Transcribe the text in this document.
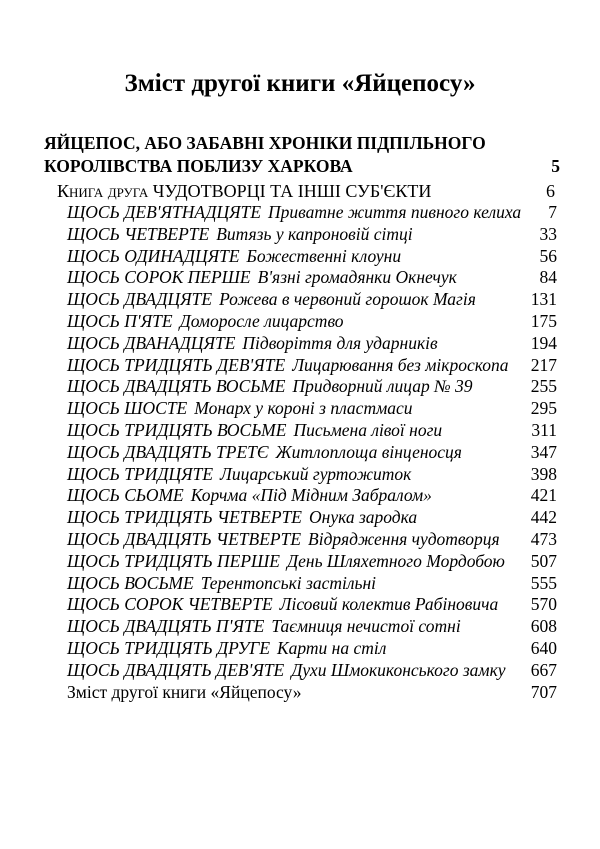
Зміст другої книги «Яйцепосу»
ЯЙЦЕПОС, АБО ЗАБАВНІ ХРОНІКИ ПІДПІЛЬНОГО
КОРОЛІВСТВА ПОБЛИЗУ ХАРКОВА	5
Книга друга ЧУДОТВОРЦІ ТА ІНШІ СУБ'ЄКТИ	6
ЩОСЬ ДЕВ'ЯТНАДЦЯТЕ Приватне життя пивного келиха 7
ЩОСЬ ЧЕТВЕРТЕ Витязь у капроновій сітці	33
ЩОСЬ ОДИНАДЦЯТЕ Божественні клоуни	56
ЩОСЬ СОРОК ПЕРШЕ В'язні громадянки Окнечук	84
ЩОСЬ ДВАДЦЯТЕ Рожева в червоний горошок Магія	131
ЩОСЬ П'ЯТЕ Доморосле лицарство	175
ЩОСЬ ДВАНАДЦЯТЕ Підворіття для ударників	194
ЩОСЬ ТРИДЦЯТЬ ДЕВ'ЯТЕ Лицарювання без мікроскопа 217
ЩОСЬ ДВАДЦЯТЬ ВОСЬМЕ Придворний лицар № 39	255
ЩОСЬ ШОСТЕ Монарх у короні з пластмаси	295
ЩОСЬ ТРИДЦЯТЬ ВОСЬМЕ Письмена лівої ноги	311
ЩОСЬ ДВАДЦЯТЬ ТРЕТЄ Житлоплоща вінценосця	347
ЩОСЬ ТРИДЦЯТЕ Лицарський гуртожиток	398
ЩОСЬ СЬОМЕ Корчма «Під Мідним Забралом»	421
ЩОСЬ ТРИДЦЯТЬ ЧЕТВЕРТЕ Онука зародка	442
ЩОСЬ ДВАДЦЯТЬ ЧЕТВЕРТЕ Відрядження чудотворця 473
ЩОСЬ ТРИДЦЯТЬ ПЕРШЕ День Шляхетного Мордобою 507
ЩОСЬ ВОСЬМЕ Терентопські застільні	555
ЩОСЬ СОРОК ЧЕТВЕРТЕ Лісовий колектив Рабіновича 570
ЩОСЬ ДВАДЦЯТЬ П'ЯТЕ Таємниця нечистої сотні	608
ЩОСЬ ТРИДЦЯТЬ ДРУГЕ Карти на стіл	640
ЩОСЬ ДВАДЦЯТЬ ДЕВ'ЯТЕ Духи Шмокиконського замку 667
Зміст другої книги «Яйцепосу»	707
